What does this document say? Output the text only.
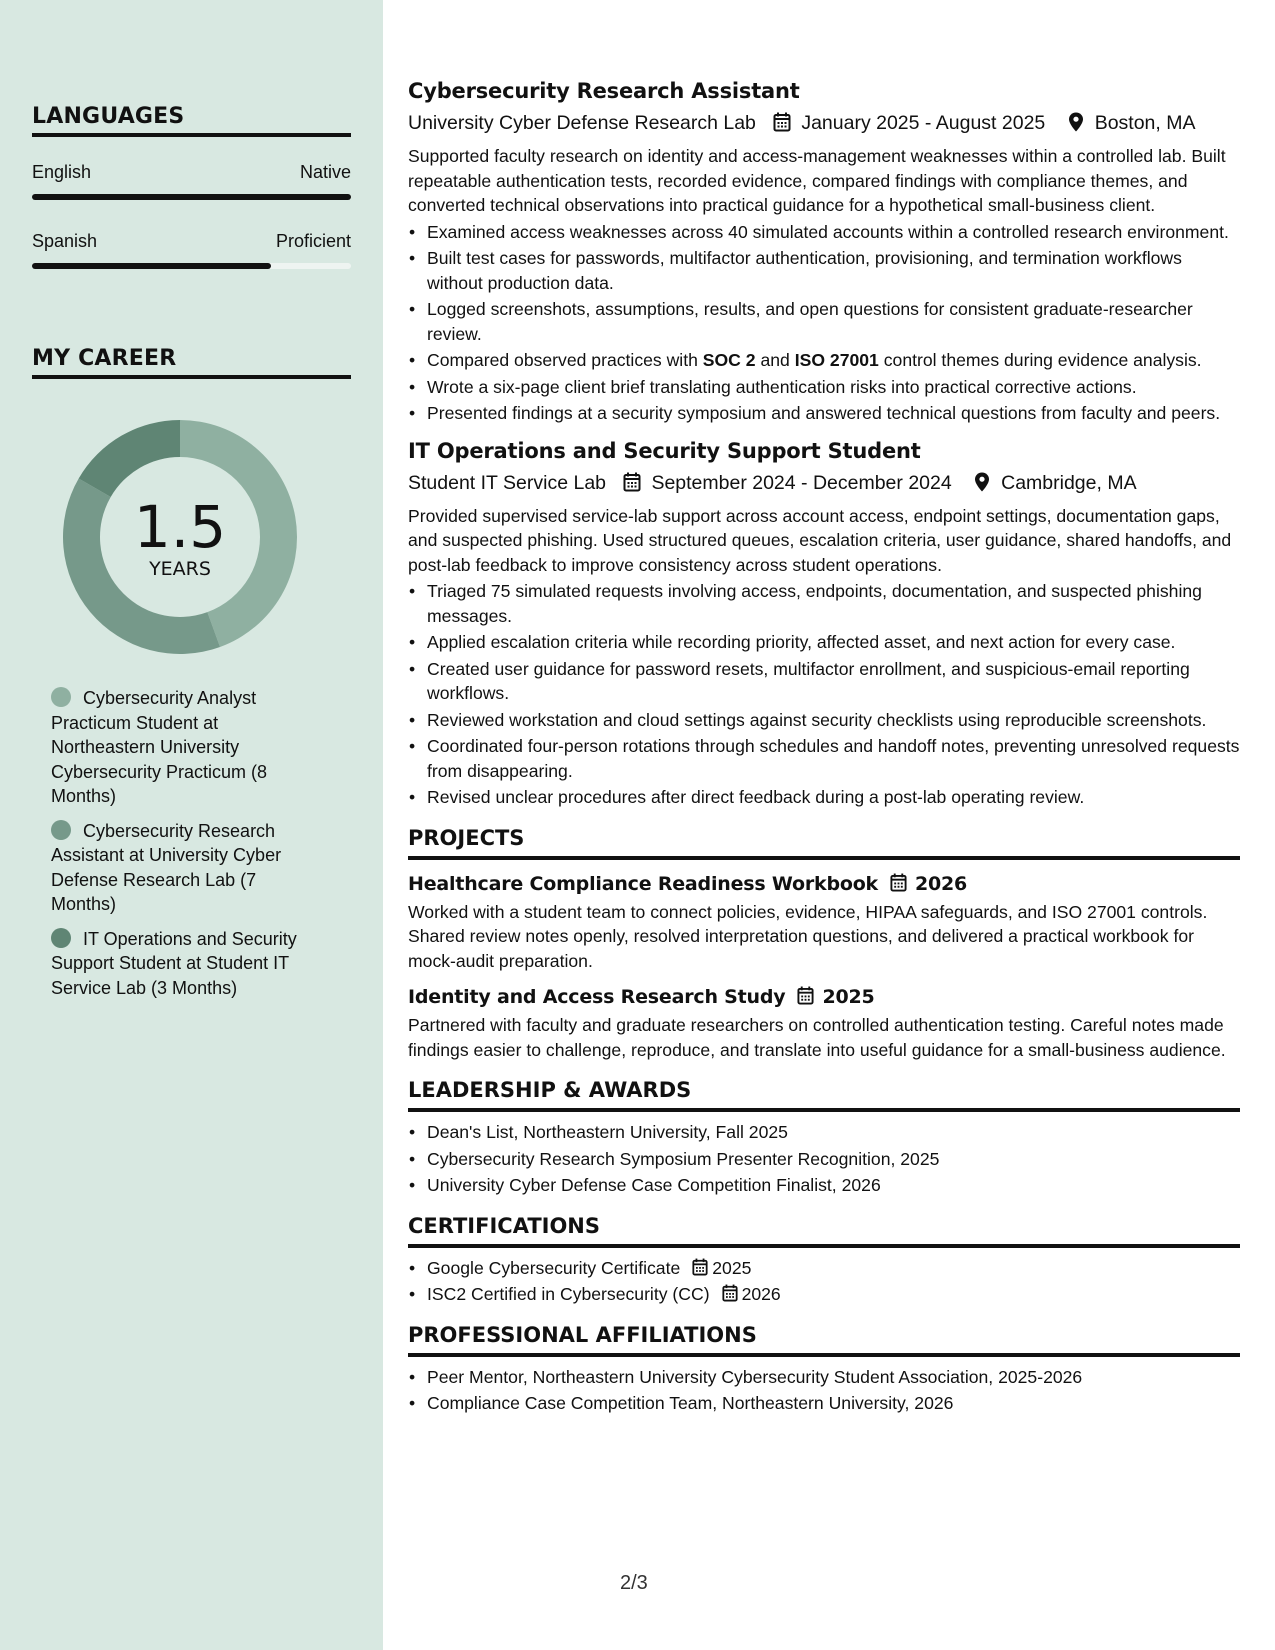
LANGUAGES
English	Native
Spanish	Proficient
MY CAREER
1.5
YEARS
Cybersecurity Analyst Practicum Student at Northeastern University Cybersecurity Practicum (8 Months)
Cybersecurity Research Assistant at University Cyber Defense Research Lab (7 Months)
IT Operations and Security Support Student at Student IT Service Lab (3 Months)
Cybersecurity Research Assistant
University Cyber Defense Research Lab January 2025 - August 2025	Boston, MA

Supported faculty research on identity and access-management weaknesses within a controlled lab. Built repeatable authentication tests, recorded evidence, compared findings with compliance themes, and converted technical observations into practical guidance for a hypothetical small-business client.

• Examined access weaknesses across 40 simulated accounts within a controlled research environment.
• Built test cases for passwords, multifactor authentication, provisioning, and termination workflows without production data.
• Logged screenshots, assumptions, results, and open questions for consistent graduate-researcher review.
• Compared observed practices with SOC 2 and ISO 27001 control themes during evidence analysis.
• Wrote a six-page client brief translating authentication risks into practical corrective actions.
• Presented findings at a security symposium and answered technical questions from faculty and peers.
IT Operations and Security Support Student
Student IT Service Lab September 2024 - December 2024	Cambridge, MA

Provided supervised service-lab support across account access, endpoint settings, documentation gaps, and suspected phishing. Used structured queues, escalation criteria, user guidance, shared handoffs, and post-lab feedback to improve consistency across student operations.

• Triaged 75 simulated requests involving access, endpoints, documentation, and suspected phishing messages.
• Applied escalation criteria while recording priority, affected asset, and next action for every case.
• Created user guidance for password resets, multifactor enrollment, and suspicious-email reporting workflows.
• Reviewed workstation and cloud settings against security checklists using reproducible screenshots.
• Coordinated four-person rotations through schedules and handoff notes, preventing unresolved requests from disappearing.
• Revised unclear procedures after direct feedback during a post-lab operating review.
PROJECTS
Healthcare Compliance Readiness Workbook 2026

Worked with a student team to connect policies, evidence, HIPAA safeguards, and ISO 27001 controls. Shared review notes openly, resolved interpretation questions, and delivered a practical workbook for mock-audit preparation.

Identity and Access Research Study 2025

Partnered with faculty and graduate researchers on controlled authentication testing. Careful notes made findings easier to challenge, reproduce, and translate into useful guidance for a small-business audience.

LEADERSHIP & AWARDS
• Dean's List, Northeastern University, Fall 2025
• Cybersecurity Research Symposium Presenter Recognition, 2025
• University Cyber Defense Case Competition Finalist, 2026
CERTIFICATIONS
• Google Cybersecurity Certificate 2025
• ISC2 Certified in Cybersecurity (CC) 2026
PROFESSIONAL AFFILIATIONS
• Peer Mentor, Northeastern University Cybersecurity Student Association, 2025-2026
• Compliance Case Competition Team, Northeastern University, 2026
2/3
